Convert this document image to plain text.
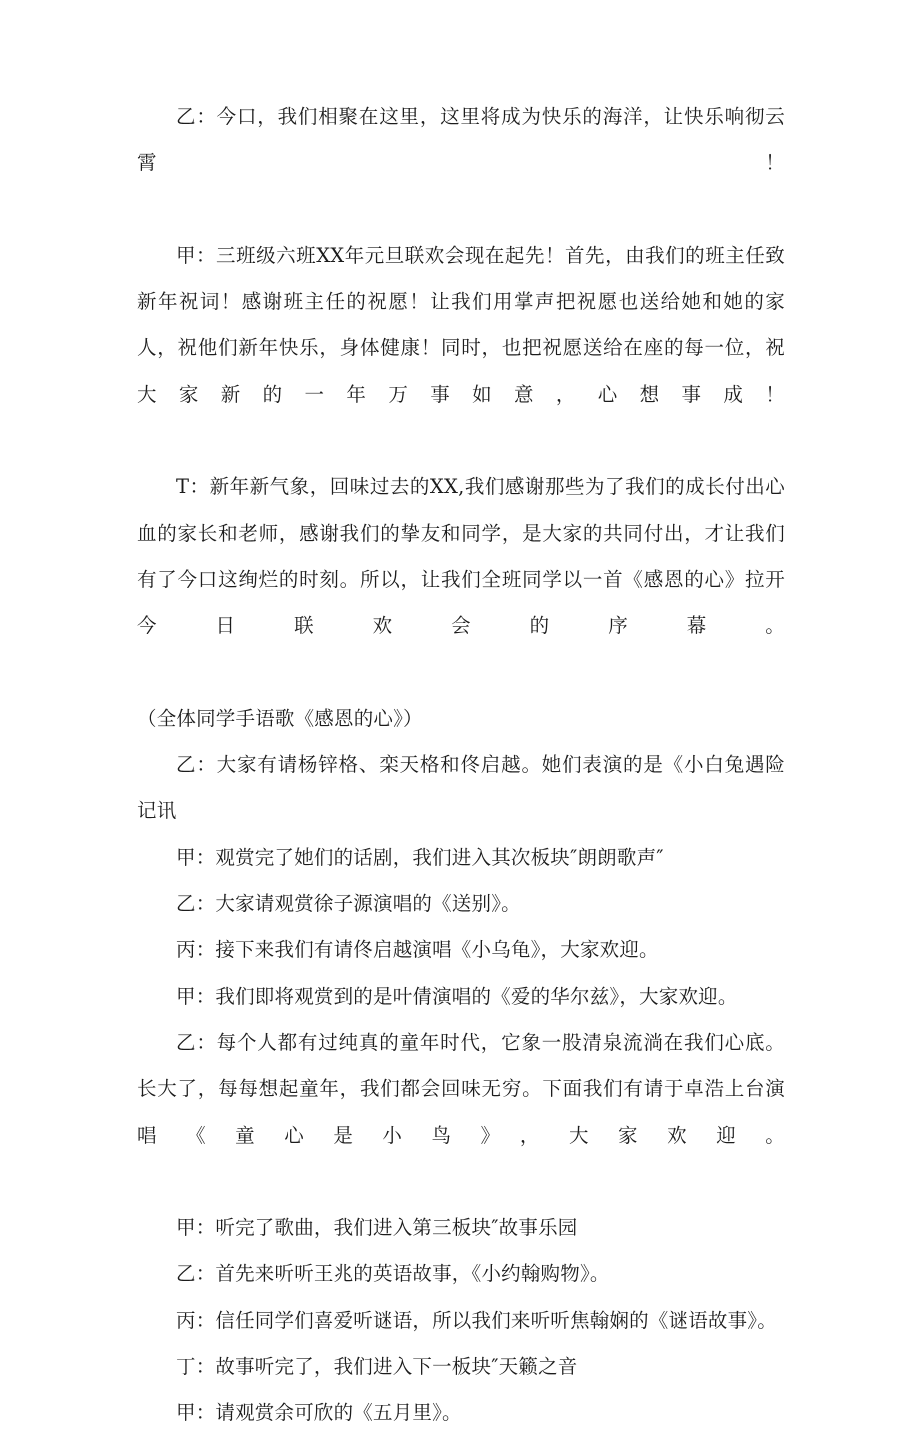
乙：今口，我们相聚在这里，这里将成为快乐的海洋，让快乐响彻云霄！

甲：三班级六班XX年元旦联欢会现在起先！首先，由我们的班主任致新年祝词！感谢班主任的祝愿！让我们用掌声把祝愿也送给她和她的家人，祝他们新年快乐，身体健康！同时，也把祝愿送给在座的每一位，祝大家新的一年万事如意，心想事成！

T：新年新气象，回味过去的XX,我们感谢那些为了我们的成长付出心血的家长和老师，感谢我们的挚友和同学，是大家的共同付出，才让我们有了今口这绚烂的时刻。所以，让我们全班同学以一首《感恩的心》拉开今日联欢会的序幕。

（全体同学手语歌《感恩的心》）

乙：大家有请杨锌格、栾天格和佟启越。她们表演的是《小白兔遇险记讯

甲：观赏完了她们的话剧，我们进入其次板块″朗朗歌声″

乙：大家请观赏徐子源演唱的《送别》。

丙：接下来我们有请佟启越演唱《小乌龟》，大家欢迎。

甲：我们即将观赏到的是叶倩演唱的《爱的华尔兹》，大家欢迎。

乙：每个人都有过纯真的童年时代，它象一股清泉流淌在我们心底。长大了，每每想起童年，我们都会回味无穷。下面我们有请于卓浩上台演唱《童心是小鸟》，大家欢迎。

甲：听完了歌曲，我们进入第三板块″故事乐园

乙：首先来听听王兆的英语故事，《小约翰购物》。

丙：信任同学们喜爱听谜语，所以我们来听听焦翰娴的《谜语故事》。

丁：故事听完了，我们进入下一板块″天籁之音

甲：请观赏余可欣的《五月里》。
